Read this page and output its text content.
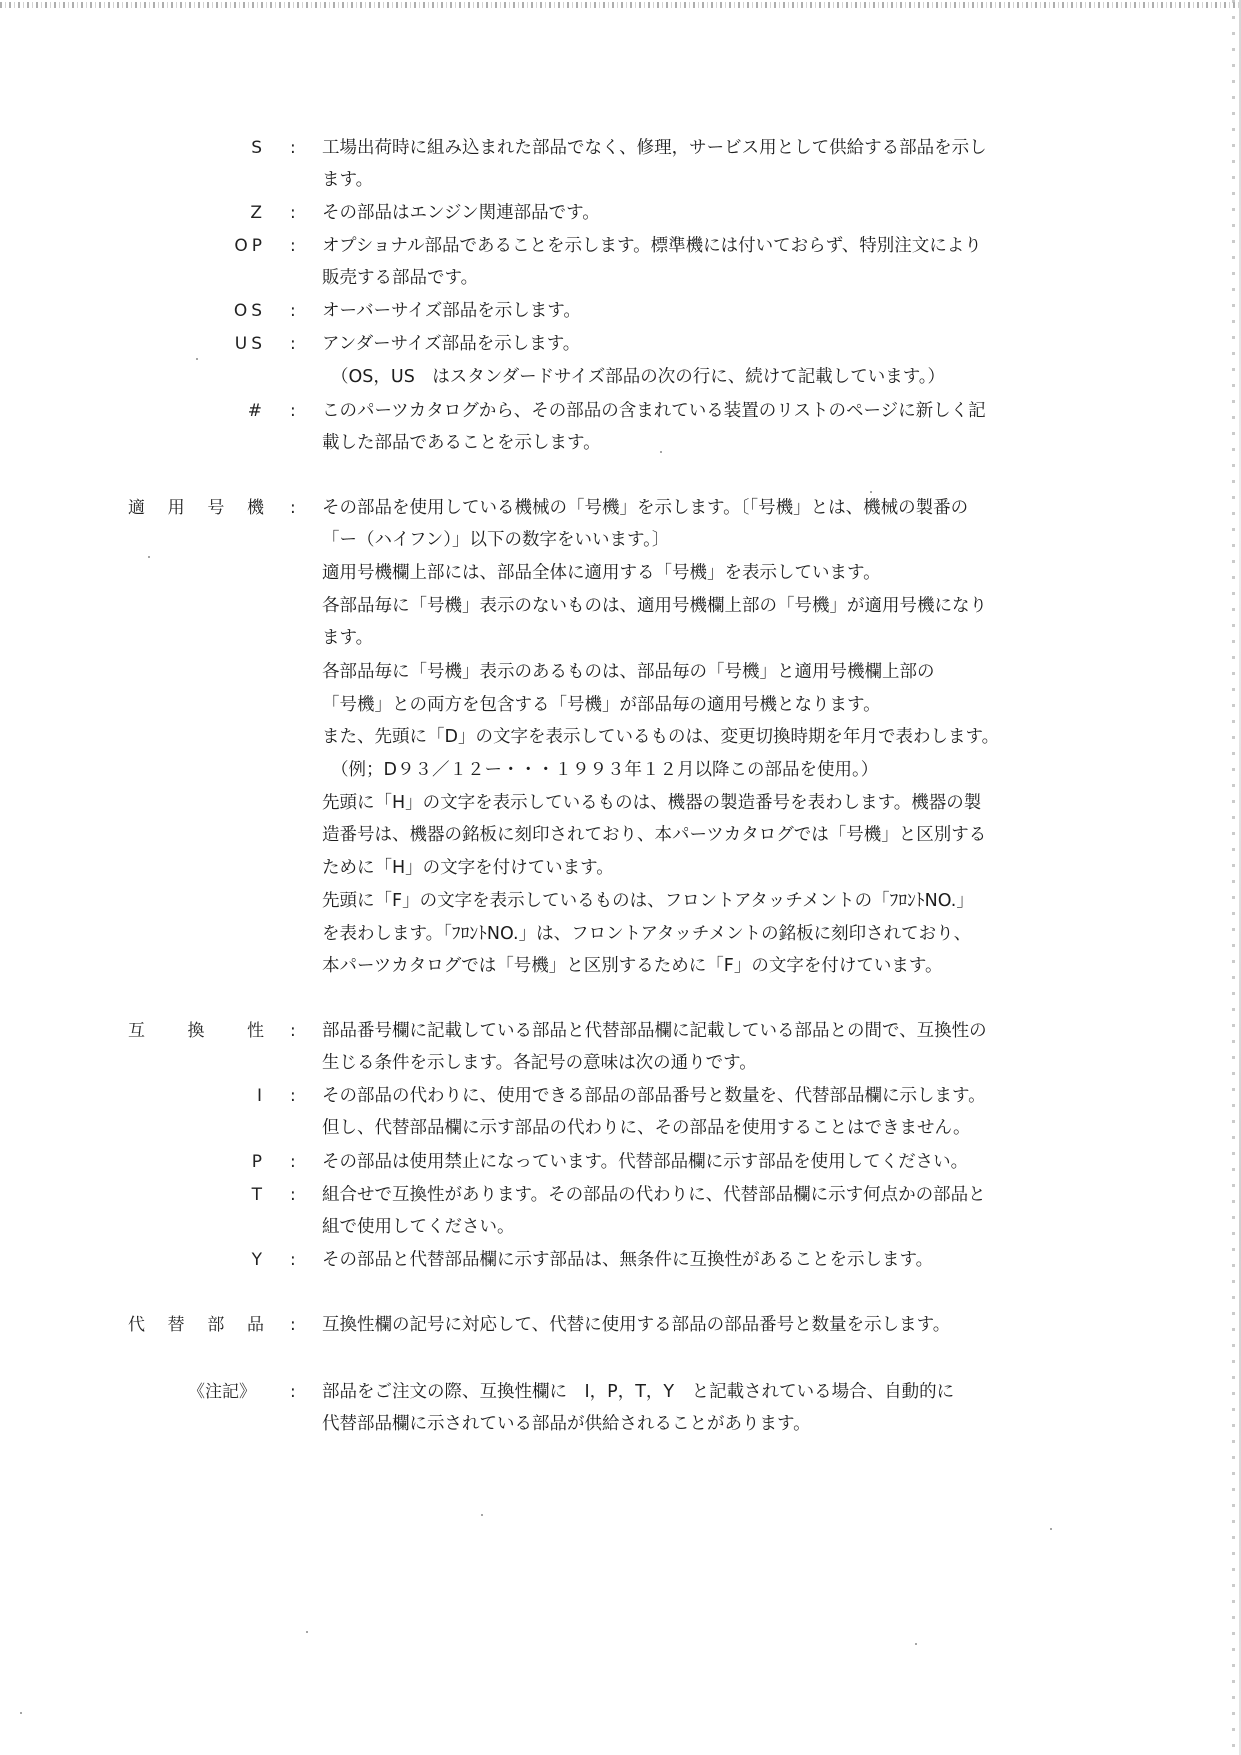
S : 工場出荷時に組み込まれた部品でなく、修理，サービス用として供給する部品を示し
ます。
Z : その部品はエンジン関連部品です。
OP : オプショナル部品であることを示します。標準機には付いておらず、特別注文により
販売する部品です。
OS : オーバーサイズ部品を示します。
US : アンダーサイズ部品を示します。
（OS，US　はスタンダードサイズ部品の次の行に、続けて記載しています。）
# : このパーツカタログから、その部品の含まれている装置のリストのページに新しく記
載した部品であることを示します。
適 用 号 機 : その部品を使用している機械の「号機」を示します。〔「号機」とは、機械の製番の
「ー（ハイフン）」以下の数字をいいます。〕
適用号機欄上部には、部品全体に適用する「号機」を表示しています。
各部品毎に「号機」表示のないものは、適用号機欄上部の「号機」が適用号機になり
ます。
各部品毎に「号機」表示のあるものは、部品毎の「号機」と適用号機欄上部の
「号機」との両方を包含する「号機」が部品毎の適用号機となります。
また、先頭に「D」の文字を表示しているものは、変更切換時期を年月で表わします。
（例；D９３／１２ー・・・１９９３年１２月以降この部品を使用。）
先頭に「H」の文字を表示しているものは、機器の製造番号を表わします。機器の製
造番号は、機器の銘板に刻印されており、本パーツカタログでは「号機」と区別する
ために「H」の文字を付けています。
先頭に「F」の文字を表示しているものは、フロントアタッチメントの「ﾌﾛﾝﾄNO.」
を表わします。「ﾌﾛﾝﾄNO.」は、フロントアタッチメントの銘板に刻印されており、
本パーツカタログでは「号機」と区別するために「F」の文字を付けています。
互	換	性 : 部品番号欄に記載している部品と代替部品欄に記載している部品との間で、互換性の
生じる条件を示します。各記号の意味は次の通りです。
I : その部品の代わりに、使用できる部品の部品番号と数量を、代替部品欄に示します。
但し、代替部品欄に示す部品の代わりに、その部品を使用することはできません。
P : その部品は使用禁止になっています。代替部品欄に示す部品を使用してください。
T : 組合せで互換性があります。その部品の代わりに、代替部品欄に示す何点かの部品と
組で使用してください。
Y : その部品と代替部品欄に示す部品は、無条件に互換性があることを示します。
代 替 部 品 : 互換性欄の記号に対応して、代替に使用する部品の部品番号と数量を示します。
《注記》 : 部品をご注文の際、互換性欄に　I，P，T，Y　と記載されている場合、自動的に
代替部品欄に示されている部品が供給されることがあります。
